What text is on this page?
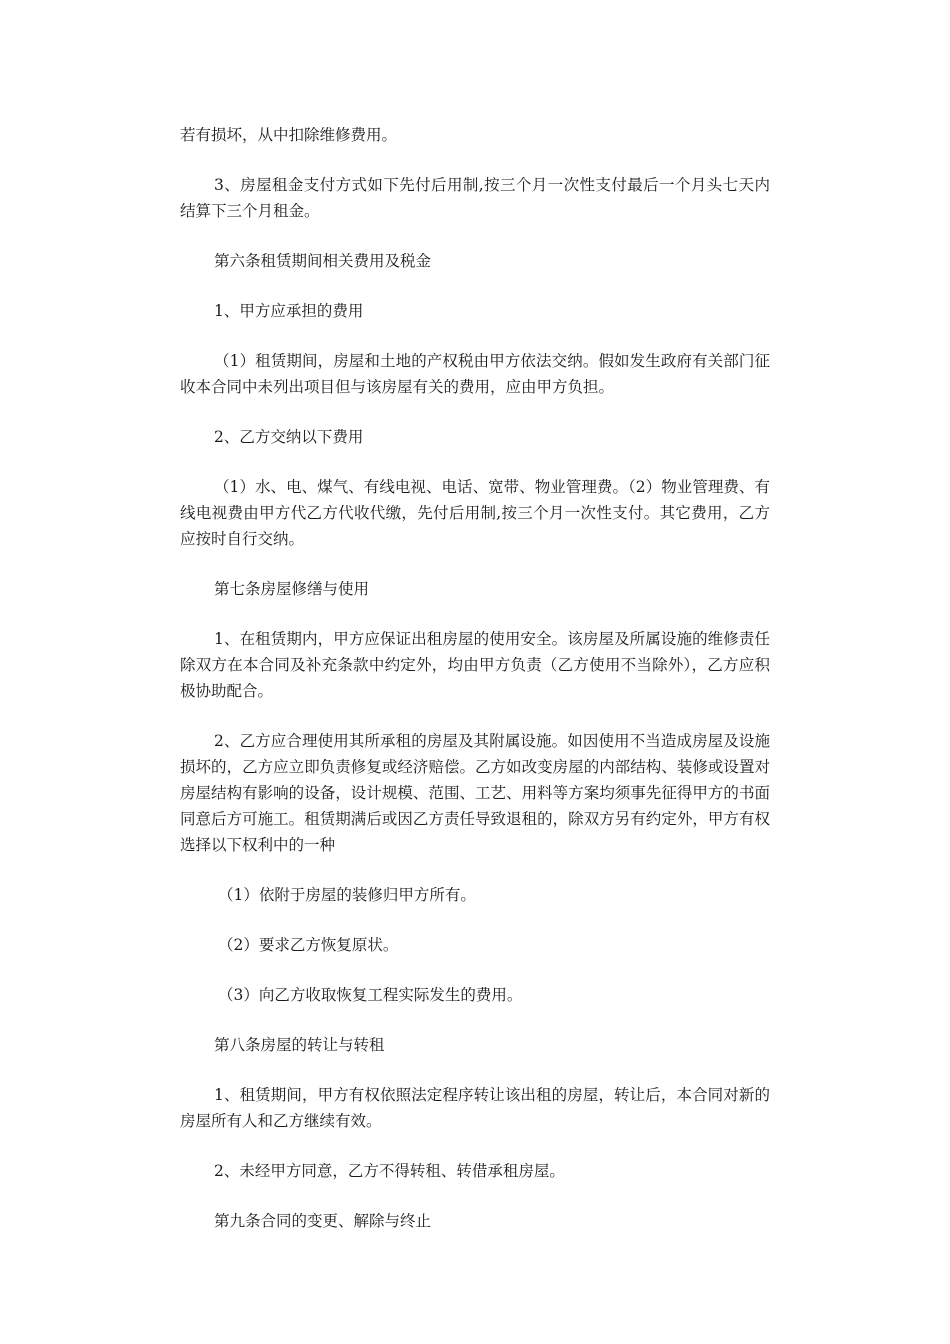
若有损坏，从中扣除维修费用。

3、房屋租金支付方式如下先付后用制,按三个月一次性支付最后一个月头七天内结算下三个月租金。

第六条租赁期间相关费用及税金

1、甲方应承担的费用

（1）租赁期间，房屋和土地的产权税由甲方依法交纳。假如发生政府有关部门征收本合同中未列出项目但与该房屋有关的费用，应由甲方负担。

2、乙方交纳以下费用

（1）水、电、煤气、有线电视、电话、宽带、物业管理费。（2）物业管理费、有线电视费由甲方代乙方代收代缴，先付后用制,按三个月一次性支付。其它费用，乙方应按时自行交纳。

第七条房屋修缮与使用

1、在租赁期内，甲方应保证出租房屋的使用安全。该房屋及所属设施的维修责任除双方在本合同及补充条款中约定外，均由甲方负责（乙方使用不当除外），乙方应积极协助配合。

2、乙方应合理使用其所承租的房屋及其附属设施。如因使用不当造成房屋及设施损坏的，乙方应立即负责修复或经济赔偿。乙方如改变房屋的内部结构、装修或设置对房屋结构有影响的设备，设计规模、范围、工艺、用料等方案均须事先征得甲方的书面同意后方可施工。租赁期满后或因乙方责任导致退租的，除双方另有约定外，甲方有权选择以下权利中的一种

（1）依附于房屋的装修归甲方所有。

（2）要求乙方恢复原状。

（3）向乙方收取恢复工程实际发生的费用。

第八条房屋的转让与转租

1、租赁期间，甲方有权依照法定程序转让该出租的房屋，转让后，本合同对新的房屋所有人和乙方继续有效。

2、未经甲方同意，乙方不得转租、转借承租房屋。

第九条合同的变更、解除与终止
